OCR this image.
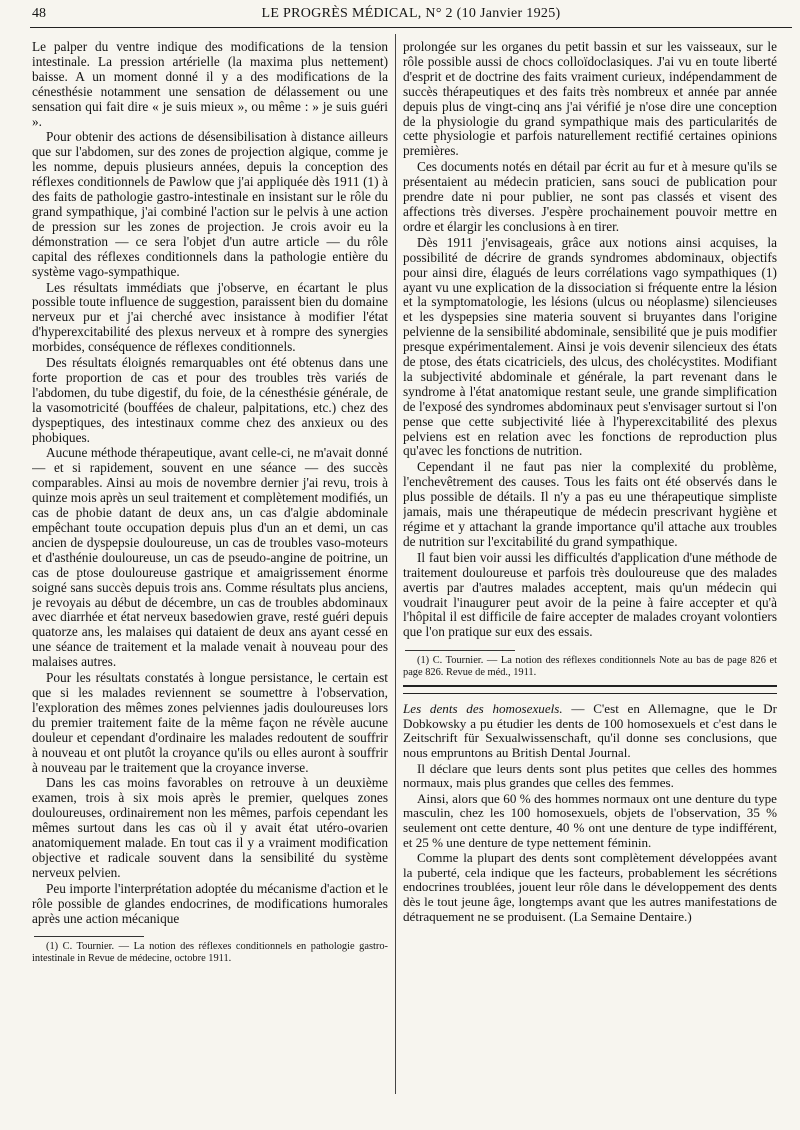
48	LE PROGRÈS MÉDICAL, N° 2 (10 Janvier 1925)

Le palper du ventre indique des modifications de la tension intestinale. La pression artérielle (la maxima plus nettement) baisse. A un moment donné il y a des modifications de la cénesthésie notamment une sensation de délassement ou une sensation qui fait dire « je suis mieux », ou même : » je suis guéri ».

Pour obtenir des actions de désensibilisation à distance ailleurs que sur l'abdomen, sur des zones de projection algique, comme je les nomme, depuis plusieurs années, depuis la conception des réflexes conditionnels de Pawlow que j'ai appliquée dès 1911 (1) à des faits de pathologie gastro-intestinale en insistant sur le rôle du grand sympathique, j'ai combiné l'action sur le pelvis à une action de pression sur les zones de projection. Je crois avoir eu la démonstration — ce sera l'objet d'un autre article — du rôle capital des réflexes conditionnels dans la pathologie entière du système vago-sympathique.

Les résultats immédiats que j'observe, en écartant le plus possible toute influence de suggestion, paraissent bien du domaine nerveux pur et j'ai cherché avec insistance à modifier l'état d'hyperexcitabilité des plexus nerveux et à rompre des synergies morbides, conséquence de réflexes conditionnels.

Des résultats éloignés remarquables ont été obtenus dans une forte proportion de cas et pour des troubles très variés de l'abdomen, du tube digestif, du foie, de la cénesthésie générale, de la vasomotricité (bouffées de chaleur, palpitations, etc.) chez des dyspeptiques, des intestinaux comme chez des anxieux ou des phobiques.

Aucune méthode thérapeutique, avant celle-ci, ne m'avait donné — et si rapidement, souvent en une séance — des succès comparables. Ainsi au mois de novembre dernier j'ai revu, trois à quinze mois après un seul traitement et complètement modifiés, un cas de phobie datant de deux ans, un cas d'algie abdominale empêchant toute occupation depuis plus d'un an et demi, un cas ancien de dyspepsie douloureuse, un cas de troubles vaso-moteurs et d'asthénie douloureuse, un cas de pseudo-angine de poitrine, un cas de ptose douloureuse gastrique et amaigrissement énorme soigné sans succès depuis trois ans. Comme résultats plus anciens, je revoyais au début de décembre, un cas de troubles abdominaux avec diarrhée et état nerveux basedowien grave, resté guéri depuis quatorze ans, les malaises qui dataient de deux ans ayant cessé en une séance de traitement et la malade venait à nouveau pour des malaises autres.

Pour les résultats constatés à longue persistance, le certain est que si les malades reviennent se soumettre à l'observation, l'exploration des mêmes zones pelviennes jadis douloureuses lors du premier traitement faite de la même façon ne révèle aucune douleur et cependant d'ordinaire les malades redoutent de souffrir à nouveau et ont plutôt la croyance qu'ils ou elles auront à souffrir à nouveau par le traitement que la croyance inverse.

Dans les cas moins favorables on retrouve à un deuxième examen, trois à six mois après le premier, quelques zones douloureuses, ordinairement non les mêmes, parfois cependant les mêmes surtout dans les cas où il y avait état utéro-ovarien anatomiquement malade. En tout cas il y a vraiment modification objective et radicale souvent dans la sensibilité du système nerveux pelvien.

Peu importe l'interprétation adoptée du mécanisme d'action et le rôle possible de glandes endocrines, de modifications humorales après une action mécanique

(1) C. Tournier. — La notion des réflexes conditionnels en pathologie gastro-intestinale in Revue de médecine, octobre 1911.

prolongée sur les organes du petit bassin et sur les vaisseaux, sur le rôle possible aussi de chocs colloïdoclasiques. J'ai vu en toute liberté d'esprit et de doctrine des faits vraiment curieux, indépendamment de succès thérapeutiques et des faits très nombreux et année par année depuis plus de vingt-cinq ans j'ai vérifié je n'ose dire une conception de la physiologie du grand sympathique mais des particularités de cette physiologie et parfois naturellement rectifié certaines opinions premières.

Ces documents notés en détail par écrit au fur et à mesure qu'ils se présentaient au médecin praticien, sans souci de publication pour prendre date ni pour publier, ne sont pas classés et visent des affections très diverses. J'espère prochainement pouvoir mettre en ordre et élargir les conclusions à en tirer.

Dès 1911 j'envisageais, grâce aux notions ainsi acquises, la possibilité de décrire de grands syndromes abdominaux, objectifs pour ainsi dire, élagués de leurs corrélations vago sympathiques (1) ayant vu une explication de la dissociation si fréquente entre la lésion et la symptomatologie, les lésions (ulcus ou néoplasme) silencieuses et les dyspepsies sine materia souvent si bruyantes dans l'origine pelvienne de la sensibilité abdominale, sensibilité que je puis modifier presque expérimentalement. Ainsi je vois devenir silencieux des états de ptose, des états cicatriciels, des ulcus, des cholécystites. Modifiant la subjectivité abdominale et générale, la part revenant dans le syndrome à l'état anatomique restant seule, une grande simplification de l'exposé des syndromes abdominaux peut s'envisager surtout si l'on pense que cette subjectivité liée à l'hyperexcitabilité des plexus pelviens est en relation avec les fonctions de reproduction plus qu'avec les fonctions de nutrition.

Cependant il ne faut pas nier la complexité du problème, l'enchevêtrement des causes. Tous les faits ont été observés dans le plus possible de détails. Il n'y a pas eu une thérapeutique simpliste jamais, mais une thérapeutique de médecin prescrivant hygiène et régime et y attachant la grande importance qu'il attache aux troubles de nutrition sur l'excitabilité du grand sympathique.

Il faut bien voir aussi les difficultés d'application d'une méthode de traitement douloureuse et parfois très douloureuse que des malades avertis par d'autres malades acceptent, mais qu'un médecin qui voudrait l'inaugurer peut avoir de la peine à faire accepter et qu'à l'hôpital il est difficile de faire accepter de malades croyant volontiers que l'on pratique sur eux des essais.

(1) C. Tournier. — La notion des réflexes conditionnels Note au bas de page 826 et page 826. Revue de méd., 1911.

Les dents des homosexuels. — C'est en Allemagne, que le Dr Dobkowsky a pu étudier les dents de 100 homosexuels et c'est dans le Zeitschrift für Sexualwissenschaft, qu'il donne ses conclusions, que nous empruntons au British Dental Journal.

Il déclare que leurs dents sont plus petites que celles des hommes normaux, mais plus grandes que celles des femmes.

Ainsi, alors que 60 % des hommes normaux ont une denture du type masculin, chez les 100 homosexuels, objets de l'observation, 35 % seulement ont cette denture, 40 % ont une denture de type indifférent, et 25 % une denture de type nettement féminin.

Comme la plupart des dents sont complètement développées avant la puberté, cela indique que les facteurs, probablement les sécrétions endocrines troublées, jouent leur rôle dans le développement des dents dès le tout jeune âge, longtemps avant que les autres manifestations de détraquement ne se produisent. (La Semaine Dentaire.)
